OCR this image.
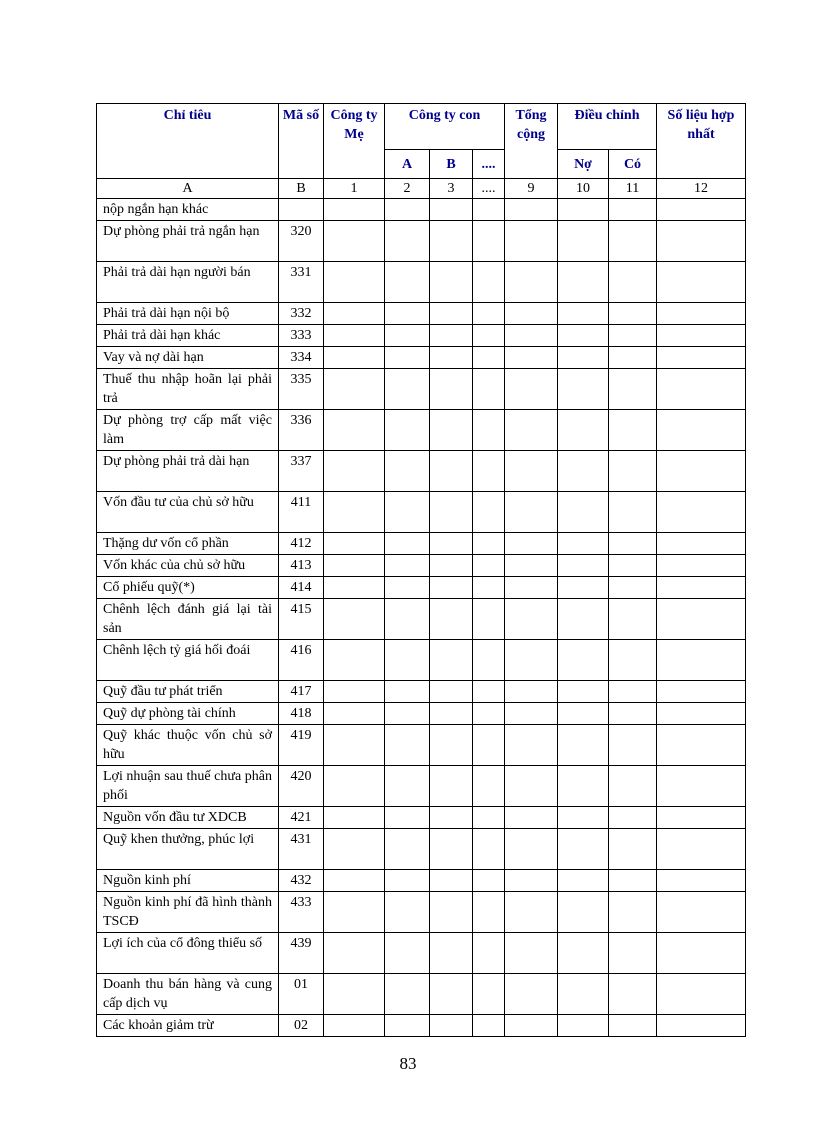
Chỉ tiêu	Mã số	Công ty Mẹ	Công ty con			Tổng cộng	Điều chỉnh		Số liệu hợp nhất
			A	B	....		Nợ	Có	
A	B	1	2	3	....	9	10	11	12
nộp ngắn hạn khác									
Dự phòng phải trả ngắn hạn	320								
Phải trả dài hạn người bán	331								
Phải trả dài hạn nội bộ	332								
Phải trả dài hạn khác	333								
Vay và nợ dài hạn	334								
Thuế thu nhập hoãn lại phải trả	335								
Dự phòng trợ cấp mất việc làm	336								
Dự phòng phải trả dài hạn	337								
Vốn đầu tư của chủ sở hữu	411								
Thặng dư vốn cổ phần	412								
Vốn khác của chủ sở hữu	413								
Cổ phiếu quỹ(*)	414								
Chênh lệch đánh giá lại tài sản	415								
Chênh lệch tỷ giá hối đoái	416								
Quỹ đầu tư phát triển	417								
Quỹ dự phòng tài chính	418								
Quỹ khác thuộc vốn chủ sở hữu	419								
Lợi nhuận sau thuế chưa phân phối	420								
Nguồn vốn đầu tư XDCB	421								
Quỹ khen thưởng, phúc lợi	431								
Nguồn kinh phí	432								
Nguồn kinh phí đã hình thành TSCĐ	433								
Lợi ích của cổ đông thiểu số	439								
Doanh thu bán hàng và cung cấp dịch vụ	01								
Các khoản giảm trừ	02								
83
